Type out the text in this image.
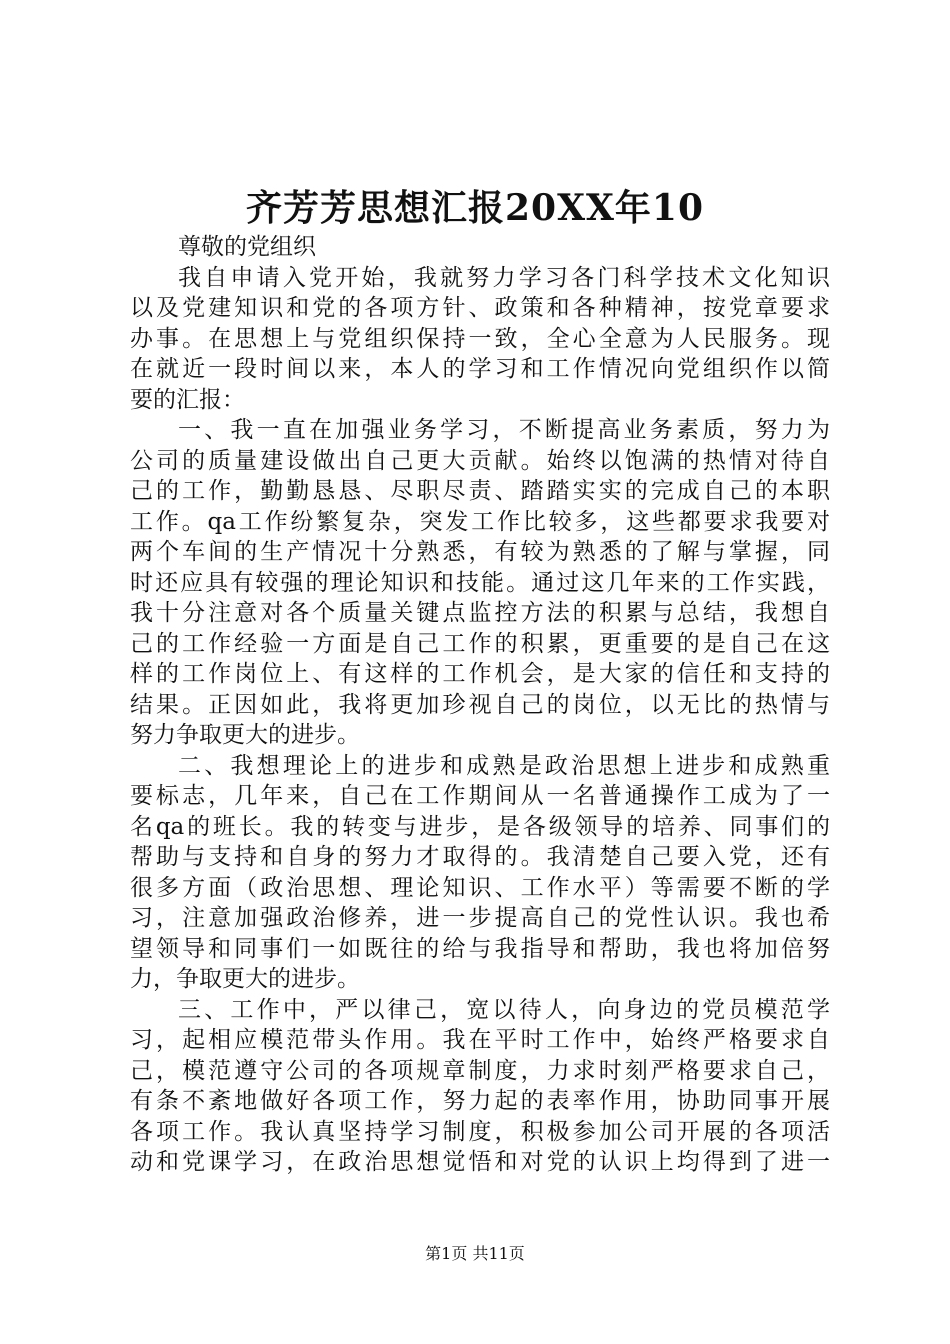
齐芳芳思想汇报20XX年10
尊敬的党组织
我自申请入党开始，我就努力学习各门科学技术文化知识
以及党建知识和党的各项方针、政策和各种精神，按党章要求
办事。在思想上与党组织保持一致，全心全意为人民服务。现
在就近一段时间以来，本人的学习和工作情况向党组织作以简
要的汇报：
一、我一直在加强业务学习，不断提高业务素质，努力为
公司的质量建设做出自己更大贡献。始终以饱满的热情对待自
己的工作，勤勤恳恳、尽职尽责、踏踏实实的完成自己的本职
工作。qa工作纷繁复杂，突发工作比较多，这些都要求我要对
两个车间的生产情况十分熟悉，有较为熟悉的了解与掌握，同
时还应具有较强的理论知识和技能。通过这几年来的工作实践，
我十分注意对各个质量关键点监控方法的积累与总结，我想自
己的工作经验一方面是自己工作的积累，更重要的是自己在这
样的工作岗位上、有这样的工作机会，是大家的信任和支持的
结果。正因如此，我将更加珍视自己的岗位，以无比的热情与
努力争取更大的进步。
二、我想理论上的进步和成熟是政治思想上进步和成熟重
要标志，几年来，自己在工作期间从一名普通操作工成为了一
名qa的班长。我的转变与进步，是各级领导的培养、同事们的
帮助与支持和自身的努力才取得的。我清楚自己要入党，还有
很多方面（政治思想、理论知识、工作水平）等需要不断的学
习，注意加强政治修养，进一步提高自己的党性认识。我也希
望领导和同事们一如既往的给与我指导和帮助，我也将加倍努
力，争取更大的进步。
三、工作中，严以律己，宽以待人，向身边的党员模范学
习，起相应模范带头作用。我在平时工作中，始终严格要求自
己，模范遵守公司的各项规章制度，力求时刻严格要求自己，
有条不紊地做好各项工作，努力起的表率作用，协助同事开展
各项工作。我认真坚持学习制度，积极参加公司开展的各项活
动和党课学习，在政治思想觉悟和对党的认识上均得到了进一
第1页 共11页
